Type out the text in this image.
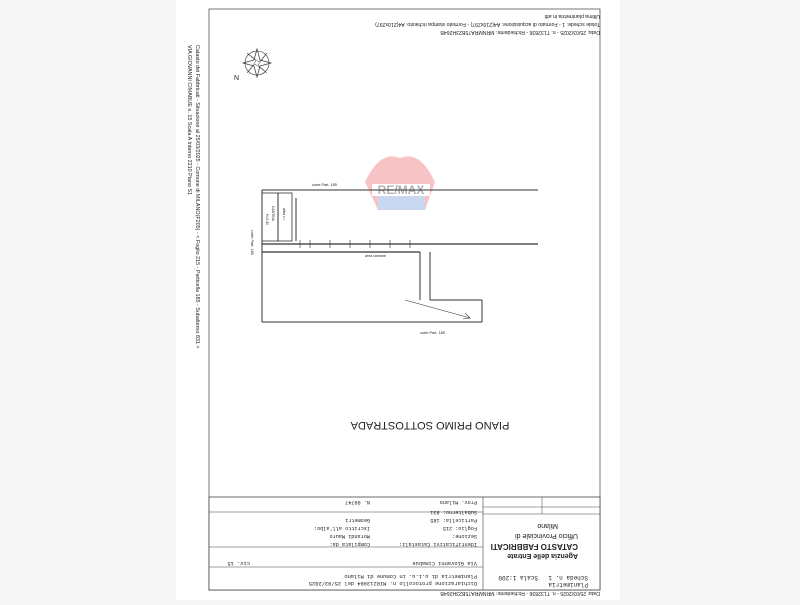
Data: 25/03/2025 - n. T132836 - Richiedente: MRNMRA75B23H264B
Totale schede: 1 - Formato di acquisizione: A4(210x297) - Formato stampa richiesto: A4(210x297)
Ultima planimetria in atti
Catasto dei Fabbricati - Situazione al 25/03/2025 - Comune di MILANO(F205) - < Foglio 215 - Particella 185 - Subalterno 831 >
VIA GIOVANNI CIMABUE n. 15 Scala A Interno 2210 Piano S1	N
RE/MAX
corte Part. 185
corte Part. 185
corte Part. 185
altra u.i.
H=2.40 CANTINA
area comune
PIANO PRIMO SOTTOSTRADA
Scheda n. 1
Scala 1:200
Planimetria
Agenzia delle Entrate
CATASTO FABBRICATI
Ufficio Provinciale di
Milano
Dichiarazione protocollo n. MI0213984 del 25/03/2025
Planimetria di u.i.u. in Comune di Milano
Via Giovanni Cimabue
civ. 15
Identificativi Catastali:
Sezione:
Foglio: 215
Particella: 185
Subalterno: 831
Compilata da:
Morandi Mauro
Iscritto all'albo:
Geometri
Prov. Milano
N. 09747
Data: 25/03/2025 - n. T132836 - Richiedente: MRNMRA75B23H264B
